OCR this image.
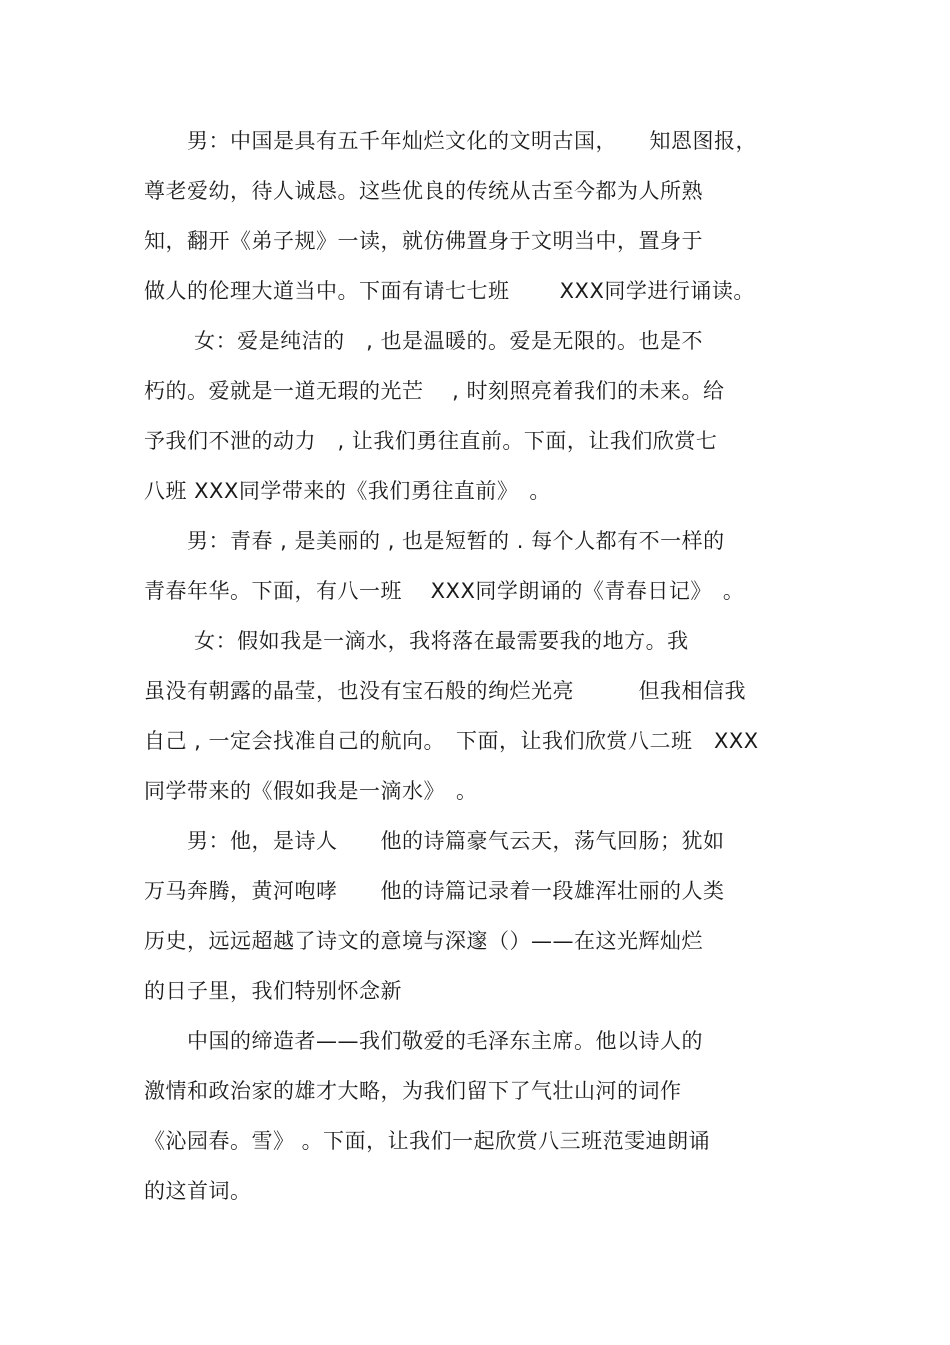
　　男：中国是具有五千年灿烂文化的文明古国，　　知恩图报，
尊老爱幼，待人诚恳。这些优良的传统从古至今都为人所熟
知，翻开《弟子规》一读，就仿佛置身于文明当中，置身于
做人的伦理大道当中。下面有请七七班　　 XXX同学进行诵读。
　　 女：爱是纯洁的　, 也是温暖的。爱是无限的。也是不
朽的。爱就是一道无瑕的光芒　 , 时刻照亮着我们的未来。给
予我们不泄的动力　, 让我们勇往直前。下面，让我们欣赏七
八班 XXX同学带来的《我们勇往直前》　。
　　男：青春 , 是美丽的 , 也是短暂的 . 每个人都有不一样的
青春年华。下面，有八一班　 XXX同学朗诵的《青春日记》　。
　　 女：假如我是一滴水，我将落在最需要我的地方。我
虽没有朝露的晶莹，也没有宝石般的绚烂光亮　　　但我相信我
自己 , 一定会找准自己的航向。　下面，让我们欣赏八二班　XXX
同学带来的《假如我是一滴水》　。
　　男：他，是诗人　　他的诗篇豪气云天，荡气回肠；犹如
万马奔腾，黄河咆哮　　他的诗篇记录着一段雄浑壮丽的人类
历史，远远超越了诗文的意境与深邃（）——在这光辉灿烂
的日子里，我们特别怀念新
　　中国的缔造者——我们敬爱的毛泽东主席。他以诗人的
激情和政治家的雄才大略，为我们留下了气壮山河的词作
《沁园春。雪》 。下面，让我们一起欣赏八三班范雯迪朗诵
的这首词。
